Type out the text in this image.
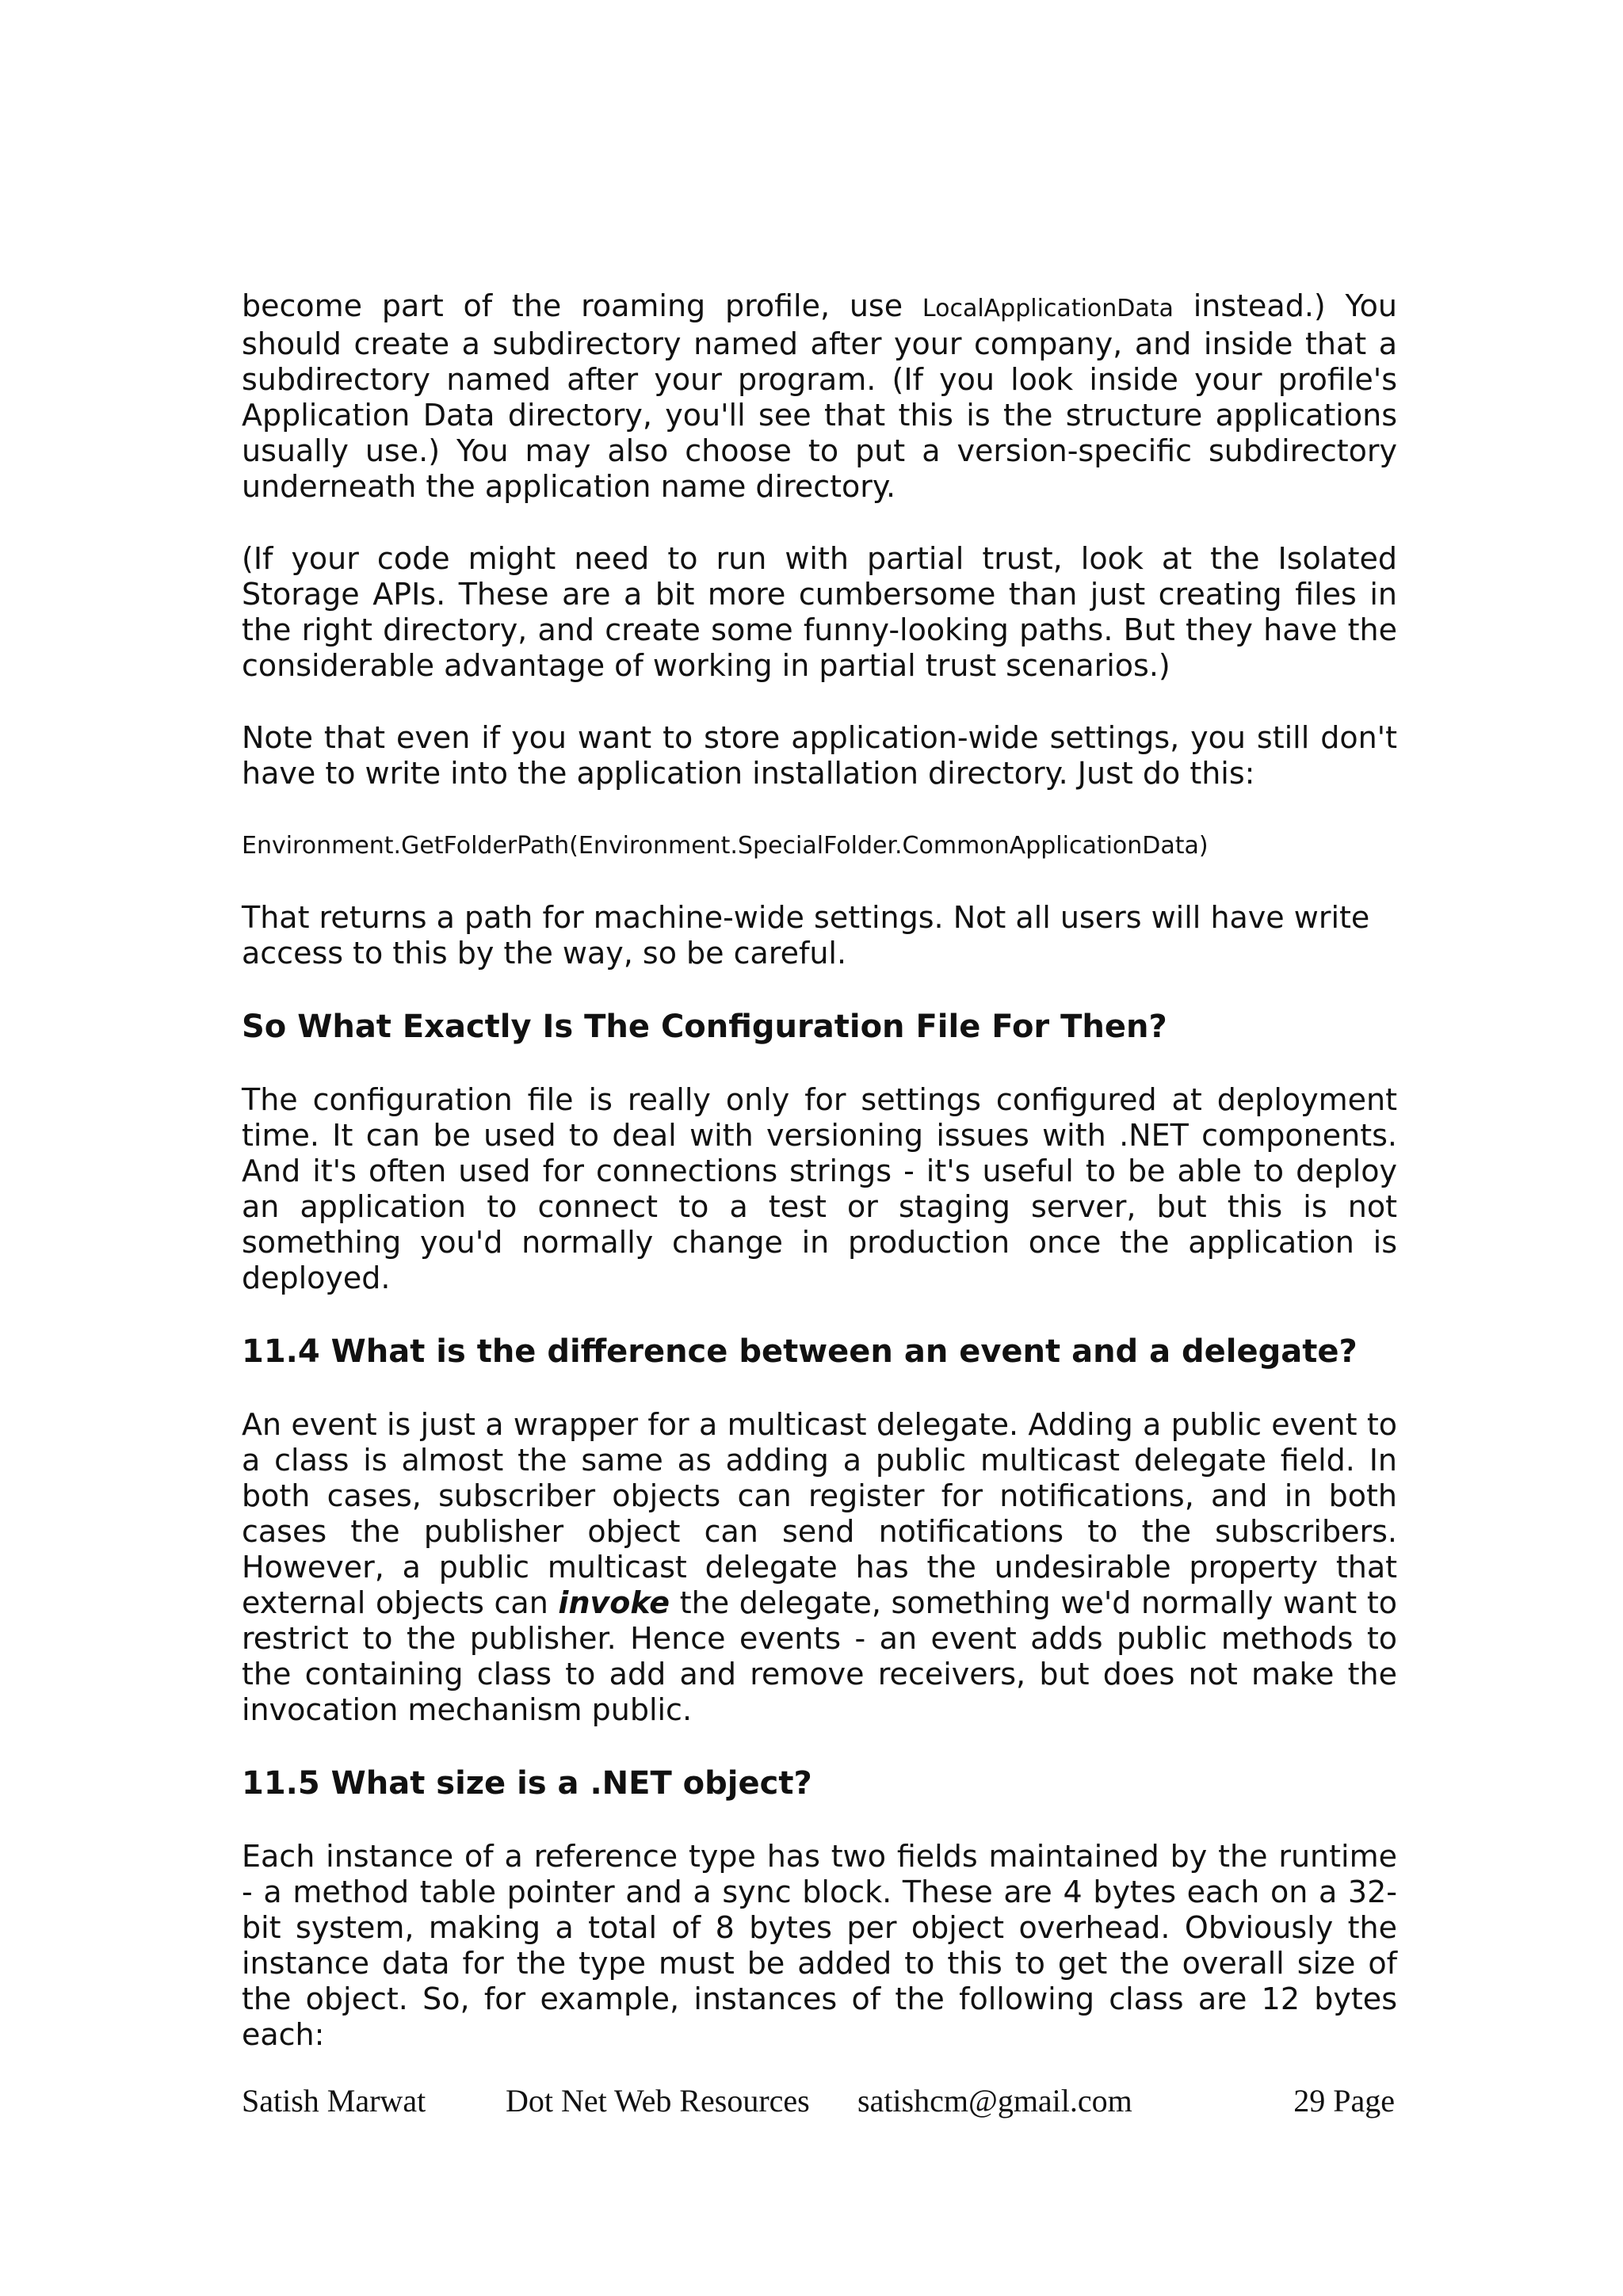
become part of the roaming profile, use LocalApplicationData instead.) You should create a subdirectory named after your company, and inside that a subdirectory named after your program. (If you look inside your profile's Application Data directory, you'll see that this is the structure applications usually use.) You may also choose to put a version-specific subdirectory underneath the application name directory.

(If your code might need to run with partial trust, look at the Isolated Storage APIs. These are a bit more cumbersome than just creating files in the right directory, and create some funny-looking paths. But they have the considerable advantage of working in partial trust scenarios.)

Note that even if you want to store application-wide settings, you still don't have to write into the application installation directory. Just do this:

Environment.GetFolderPath(Environment.SpecialFolder.CommonApplicationData)

That returns a path for machine-wide settings. Not all users will have write access to this by the way, so be careful.

So What Exactly Is The Configuration File For Then?

The configuration file is really only for settings configured at deployment time. It can be used to deal with versioning issues with .NET components. And it's often used for connections strings - it's useful to be able to deploy an application to connect to a test or staging server, but this is not something you'd normally change in production once the application is deployed.

11.4 What is the difference between an event and a delegate?

An event is just a wrapper for a multicast delegate. Adding a public event to a class is almost the same as adding a public multicast delegate field. In both cases, subscriber objects can register for notifications, and in both cases the publisher object can send notifications to the subscribers. However, a public multicast delegate has the undesirable property that external objects can invoke the delegate, something we'd normally want to restrict to the publisher. Hence events - an event adds public methods to the containing class to add and remove receivers, but does not make the invocation mechanism public.

11.5 What size is a .NET object?

Each instance of a reference type has two fields maintained by the runtime - a method table pointer and a sync block. These are 4 bytes each on a 32-bit system, making a total of 8 bytes per object overhead. Obviously the instance data for the type must be added to this to get the overall size of the object. So, for example, instances of the following class are 12 bytes each:

Satish Marwat	Dot Net Web Resources satishcm@gmail.com	29 Page
